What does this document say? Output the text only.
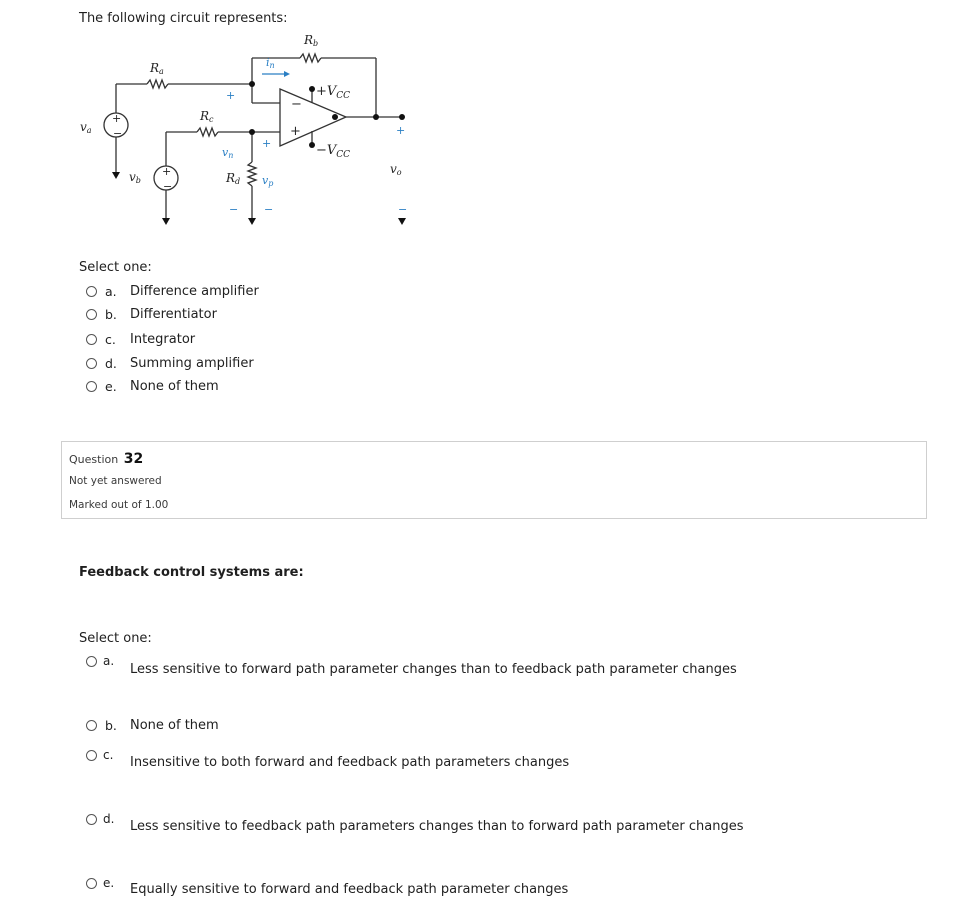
The following circuit represents:

Ra
Rb
Rc
Rd
va
vb
vo
vn
vp
in
+
+
+
− −	−
$+V_{CC}$
$-V_{CC}$
−
+
+
−
+
−
Select one:
a.	Difference amplifier
b.	Differentiator
c.	Integrator
d.	Summing amplifier
e.	None of them
Question 32
Not yet answered
Marked out of 1.00

Feedback control systems are:

Select one:
a.
Less sensitive to forward path parameter changes than to feedback path parameter changes
b. None of them
c. Insensitive to both forward and feedback path parameters changes
d. Less sensitive to feedback path parameters changes than to forward path parameter changes
e. Equally sensitive to forward and feedback path parameter changes
